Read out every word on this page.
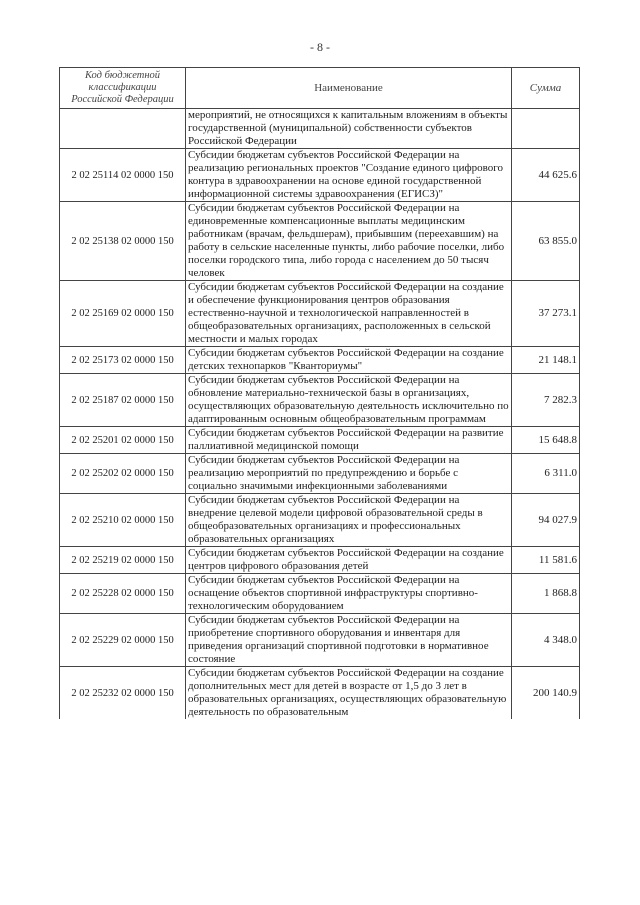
- 8 -
Код бюджетной классификации Российской Федерации	Наименование	Сумма
	мероприятий, не относящихся к капитальным вложениям в объекты государственной (муниципальной) собственности субъектов Российской Федерации	
2 02 25114 02 0000 150	Субсидии бюджетам субъектов Российской Федерации на реализацию региональных проектов "Создание единого цифрового контура в здравоохранении на основе единой государственной информационной системы здравоохранения (ЕГИСЗ)"	44 625.6
2 02 25138 02 0000 150	Субсидии бюджетам субъектов Российской Федерации на единовременные компенсационные выплаты медицинским работникам (врачам, фельдшерам), прибывшим (переехавшим) на работу в сельские населенные пункты, либо рабочие поселки, либо поселки городского типа, либо города с населением до 50 тысяч человек	63 855.0
2 02 25169 02 0000 150	Субсидии бюджетам субъектов Российской Федерации на создание и обеспечение функционирования центров образования естественно-научной и технологической направленностей в общеобразовательных организациях, расположенных в сельской местности и малых городах	37 273.1
2 02 25173 02 0000 150	Субсидии бюджетам субъектов Российской Федерации на создание детских технопарков "Кванториумы"	21 148.1
2 02 25187 02 0000 150	Субсидии бюджетам субъектов Российской Федерации на обновление материально-технической базы в организациях, осуществляющих образовательную деятельность исключительно по адаптированным основным общеобразовательным программам	7 282.3
2 02 25201 02 0000 150	Субсидии бюджетам субъектов Российской Федерации на развитие паллиативной медицинской помощи	15 648.8
2 02 25202 02 0000 150	Субсидии бюджетам субъектов Российской Федерации на реализацию мероприятий по предупреждению и борьбе с социально значимыми инфекционными заболеваниями	6 311.0
2 02 25210 02 0000 150	Субсидии бюджетам субъектов Российской Федерации на внедрение целевой модели цифровой образовательной среды в общеобразовательных организациях и профессиональных образовательных организациях	94 027.9
2 02 25219 02 0000 150	Субсидии бюджетам субъектов Российской Федерации на создание центров цифрового образования детей	11 581.6
2 02 25228 02 0000 150	Субсидии бюджетам субъектов Российской Федерации на оснащение объектов спортивной инфраструктуры спортивно-технологическим оборудованием	1 868.8
2 02 25229 02 0000 150	Субсидии бюджетам субъектов Российской Федерации на приобретение спортивного оборудования и инвентаря для приведения организаций спортивной подготовки в нормативное состояние	4 348.0
2 02 25232 02 0000 150	Субсидии бюджетам субъектов Российской Федерации на создание дополнительных мест для детей в возрасте от 1,5 до 3 лет в образовательных организациях, осуществляющих образовательную деятельность по образовательным	200 140.9
